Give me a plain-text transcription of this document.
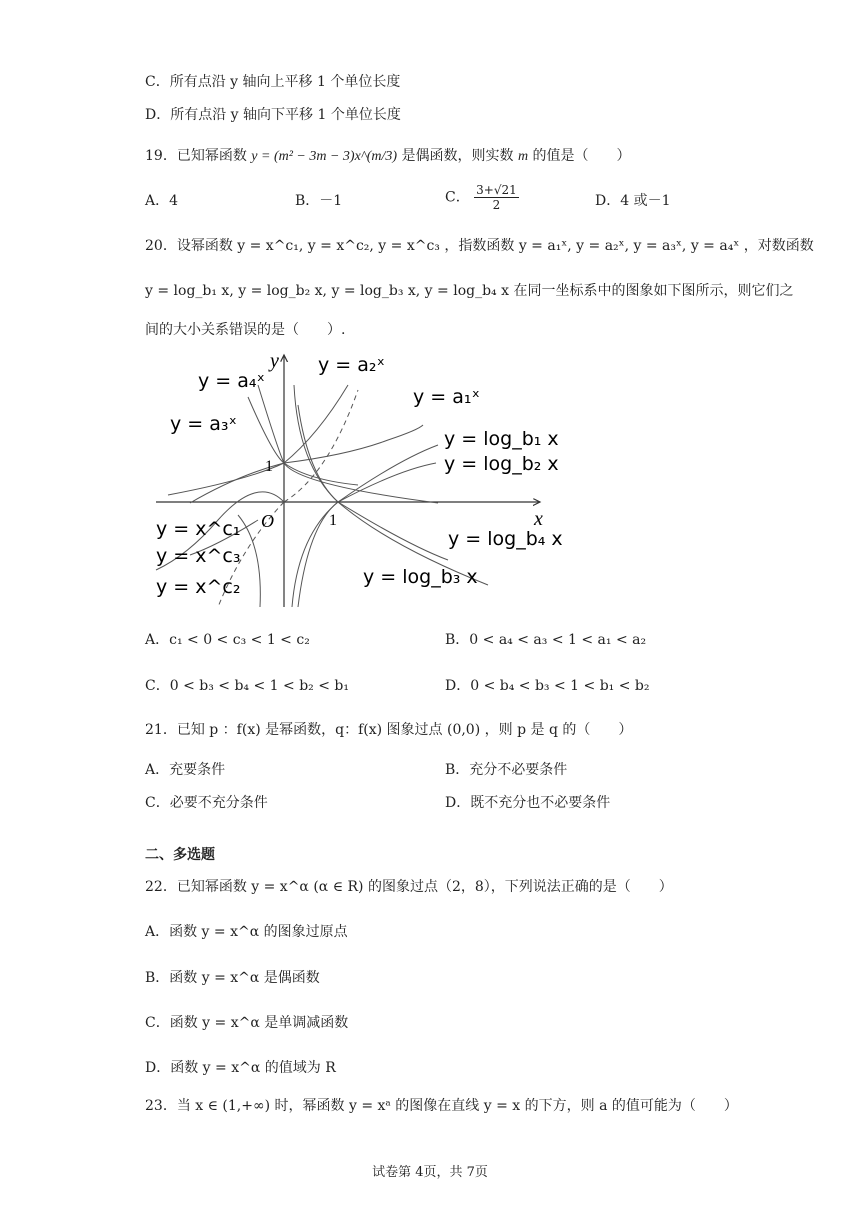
C．所有点沿 y 轴向上平移 1 个单位长度
D．所有点沿 y 轴向下平移 1 个单位长度
19．已知幂函数 y = (m² − 3m − 3)x^(m/3) 是偶函数，则实数 m 的值是（　　）
A．4	B．－1	C． $\frac{3+√21}{2}$	D．4 或－1
20．设幂函数 y = x^c₁, y = x^c₂, y = x^c₃ ，指数函数 y = a₁ˣ, y = a₂ˣ, y = a₃ˣ, y = a₄ˣ ，对数函数
y = log_b₁ x, y = log_b₂ x, y = log_b₃ x, y = log_b₄ x 在同一坐标系中的图象如下图所示，则它们之
间的大小关系错误的是（　　）.
y
x
O	1
1
y = a₄ˣ
y = a₂ˣ
y = a₁ˣ
y = a₃ˣ
y = log_b₁ x
y = log_b₂ x
y = log_b₄ x
y = log_b₃ x
y = x^c₁
y = x^c₃
y = x^c₂
A．c₁ < 0 < c₃ < 1 < c₂	B．0 < a₄ < a₃ < 1 < a₁ < a₂
C．0 < b₃ < b₄ < 1 < b₂ < b₁	D．0 < b₄ < b₃ < 1 < b₁ < b₂
21．已知 p ：f(x) 是幂函数，q：f(x) 图象过点 (0,0) ，则 p 是 q 的（　　）
A．充要条件	B．充分不必要条件
C．必要不充分条件	D．既不充分也不必要条件
二、多选题
22．已知幂函数 y = x^α (α ∈ R) 的图象过点（2，8），下列说法正确的是（　　）
A．函数 y = x^α 的图象过原点
B．函数 y = x^α 是偶函数
C．函数 y = x^α 是单调减函数
D．函数 y = x^α 的值域为 R
23．当 x ∈ (1,+∞) 时，幂函数 y = xᵃ 的图像在直线 y = x 的下方，则 a 的值可能为（　　）
试卷第 4页，共 7页
